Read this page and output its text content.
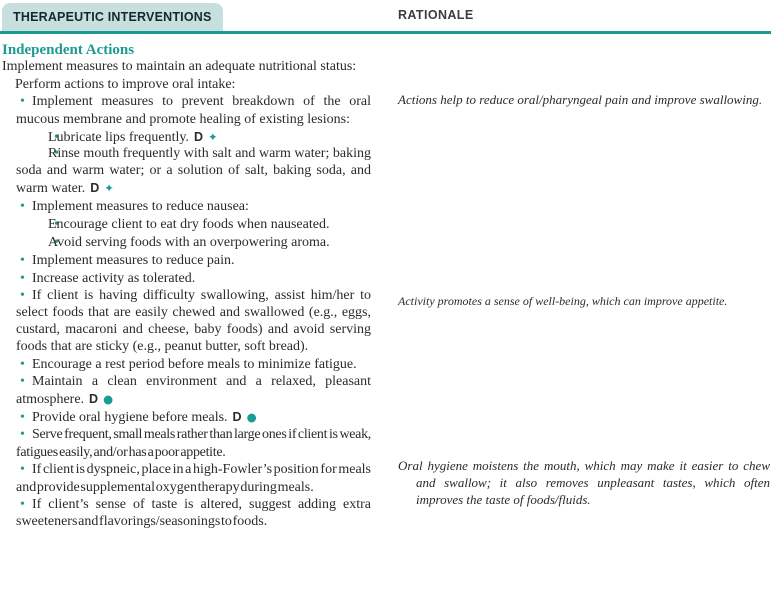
THERAPEUTIC INTERVENTIONS	RATIONALE
Independent Actions
Implement measures to maintain an adequate nutritional status:
•Perform actions to improve oral intake:
•Implement measures to prevent breakdown of the oral mucous membrane and promote healing of existing lesions:
•Lubricate lips frequently. D ✦
•Rinse mouth frequently with salt and warm water; baking soda and warm water; or a solution of salt, baking soda, and warm water. D ✦
•Implement measures to reduce nausea:
•Encourage client to eat dry foods when nauseated.
•Avoid serving foods with an overpowering aroma.
•Implement measures to reduce pain.
•Increase activity as tolerated.
•If client is having difficulty swallowing, assist him/her to select foods that are easily chewed and swallowed (e.g., eggs, custard, macaroni and cheese, baby foods) and avoid serving foods that are sticky (e.g., peanut butter, soft bread).
•Encourage a rest period before meals to minimize fatigue.
•Maintain a clean environment and a relaxed, pleasant atmosphere. D ●
•Provide oral hygiene before meals. D ●
•Serve frequent, small meals rather than large ones if client is weak, fatigues easily, and/or has a poor appetite.
•If client is dyspneic, place in a high-Fowler’s position for meals and provide supplemental oxygen therapy during meals.
•If client’s sense of taste is altered, suggest adding extra sweeteners and flavorings/seasonings to foods.
Actions help to reduce oral/pharyngeal pain and improve swallowing.
Activity promotes a sense of well-being, which can improve appetite.
Oral hygiene moistens the mouth, which may make it easier to chew and swallow; it also removes unpleasant tastes, which often improves the taste of foods/fluids.
